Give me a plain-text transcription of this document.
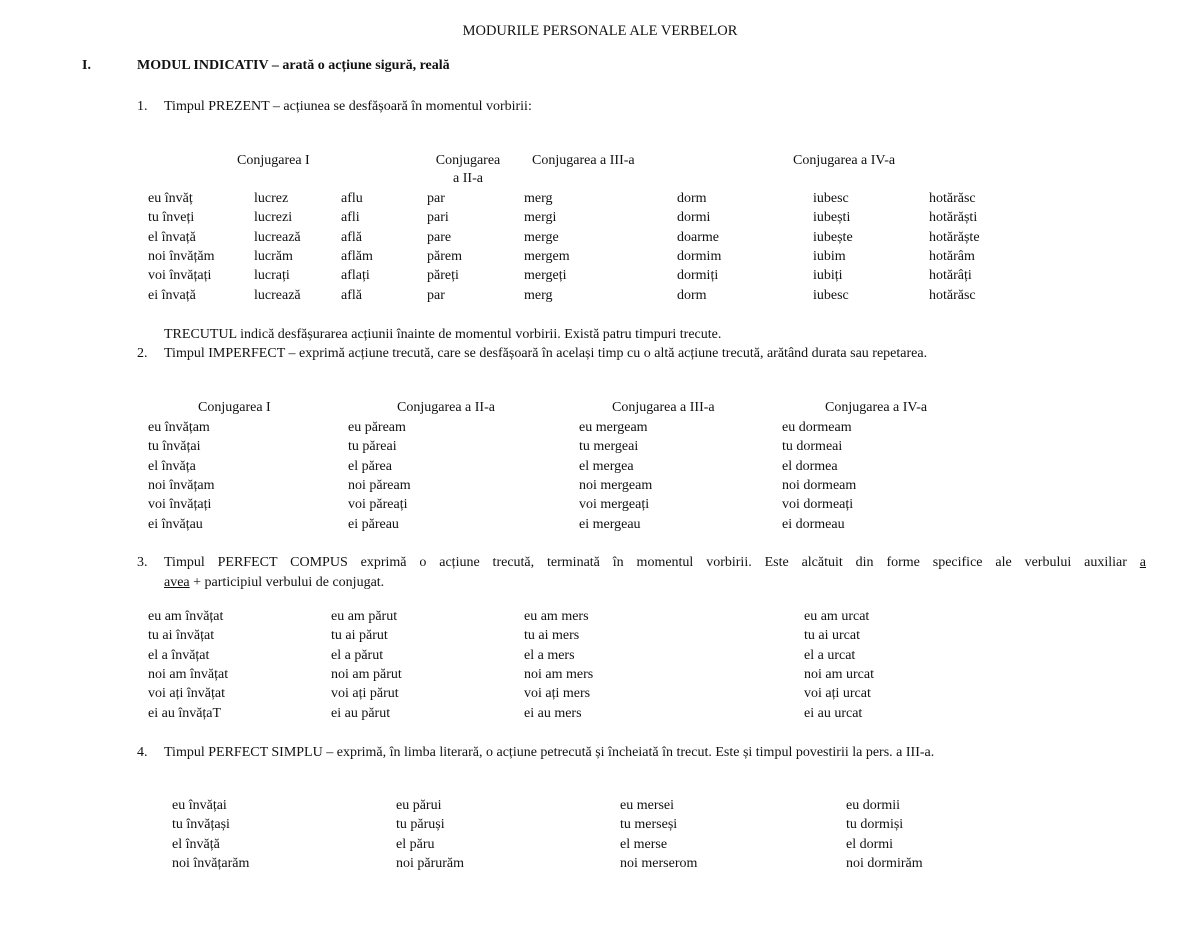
MODURILE PERSONALE ALE VERBELOR
I.	MODUL INDICATIV – arată o acțiune sigură, reală
1. Timpul PREZENT – acțiunea se desfășoară în momentul vorbirii:
Conjugarea I	Conjugarea
a II-a
Conjugarea a III-a	Conjugarea a IV-a
eu învăț	lucrez	aflu	par	merg	dorm	iubesc	hotărăsc
tu înveți	lucrezi	afli	pari	mergi	dormi	iubești	hotărăști
el învață	lucrează	află	pare	merge	doarme	iubește	hotărăște
noi învățăm	lucrăm	aflăm	părem	mergem	dormim	iubim	hotărâm
voi învățați	lucrați	aflați	păreți	mergeți	dormiți	iubiți	hotărâți
ei învață	lucrează	află	par	merg	dorm	iubesc	hotărăsc
TRECUTUL indică desfășurarea acțiunii înainte de momentul vorbirii. Există patru timpuri trecute.
2. Timpul IMPERFECT – exprimă acțiune trecută, care se desfășoară în același timp cu o altă acțiune trecută, arătând durata sau repetarea.
Conjugarea I	Conjugarea a II-a	Conjugarea a III-a	Conjugarea a IV-a
eu învățam	eu păream	eu mergeam	eu dormeam
tu învățai	tu păreai	tu mergeai	tu dormeai
el învăța	el părea	el mergea	el dormea
noi învățam	noi păream	noi mergeam	noi dormeam
voi învățați	voi păreați	voi mergeați	voi dormeați
ei învățau	ei păreau	ei mergeau	ei dormeau
3. Timpul PERFECT COMPUS exprimă o acțiune trecută, terminată în momentul vorbirii. Este alcătuit din forme specifice ale verbului auxiliar a
avea + participiul verbului de conjugat.
eu am învățat	eu am părut	eu am mers	eu am urcat
tu ai învățat	tu ai părut	tu ai mers	tu ai urcat
el a învățat	el a părut	el a mers	el a urcat
noi am învățat	noi am părut	noi am mers	noi am urcat
voi ați învățat	voi ați părut	voi ați mers	voi ați urcat
ei au învățaT	ei au părut	ei au mers	ei au urcat
4. Timpul PERFECT SIMPLU – exprimă, în limba literară, o acțiune petrecută și încheiată în trecut. Este și timpul povestirii la pers. a III-a.
eu învățai	eu părui	eu mersei	eu dormii
tu învățași	tu păruși	tu merseși	tu dormiși
el învăță	el păru	el merse	el dormi
noi învățarăm	noi părurăm	noi merserom	noi dormirăm
